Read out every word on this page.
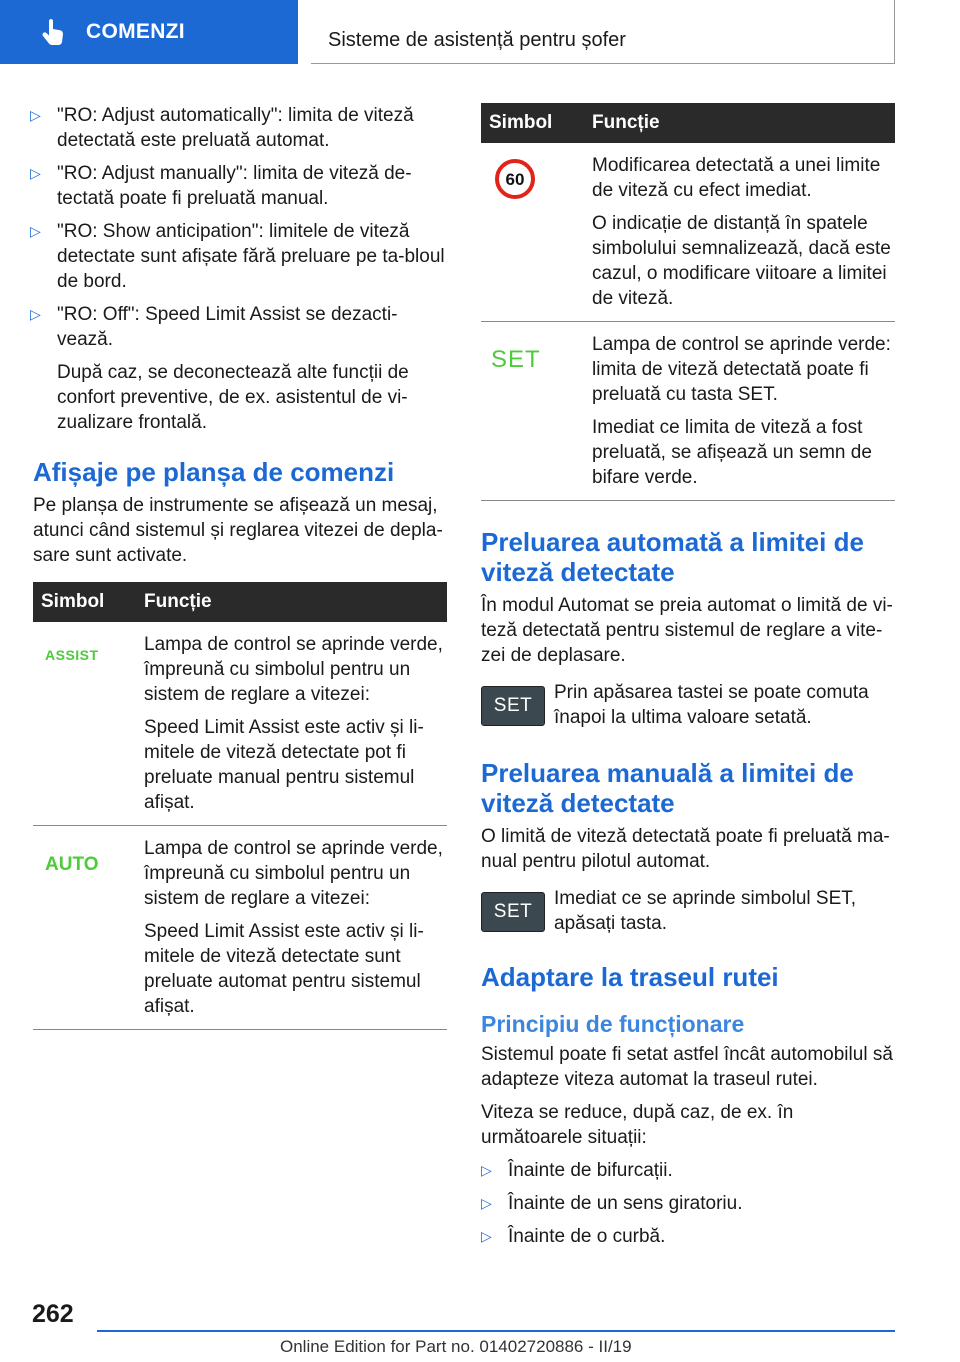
COMENZI	Sisteme de asistență pentru șofer
▷ "RO: Adjust automatically": limita de viteză detectată este preluată automat.
▷ "RO: Adjust manually": limita de viteză de-tectată poate fi preluată manual.
▷ "RO: Show anticipation": limitele de viteză detectate sunt afișate fără preluare pe ta-bloul de bord.
▷ "RO: Off": Speed Limit Assist se dezacti-vează.
După caz, se deconectează alte funcții de confort preventive, de ex. asistentul de vi-zualizare frontală.
Afișaje pe planșa de comenzi

Pe planșa de instrumente se afișează un mesaj, atunci când sistemul și reglarea vitezei de depla-sare sunt activate.

Simbol	Funcție

ASSIST	Lampa de control se aprinde verde, împreună cu simbolul pentru un sistem de reglare a vitezei:

Speed Limit Assist este activ și li-mitele de viteză detectate pot fi preluate manual pentru sistemul afișat.

AUTO	Lampa de control se aprinde verde, împreună cu simbolul pentru un sistem de reglare a vitezei:

Speed Limit Assist este activ și li-mitele de viteză detectate sunt preluate automat pentru sistemul afișat.

Simbol	Funcție

60	Modificarea detectată a unei limite de viteză cu efect imediat.

O indicație de distanță în spatele simbolului semnalizează, dacă este cazul, o modificare viitoare a limitei de viteză.

SET	Lampa de control se aprinde verde: limita de viteză detectată poate fi preluată cu tasta SET.

Imediat ce limita de viteză a fost preluată, se afișează un semn de bifare verde.

Preluarea automată a limitei de viteză detectate

În modul Automat se preia automat o limită de vi-teză detectată pentru sistemul de reglare a vite-zei de deplasare.

SET
Prin apăsarea tastei se poate comuta înapoi la ultima valoare setată.
Preluarea manuală a limitei de viteză detectate

O limită de viteză detectată poate fi preluată ma-nual pentru pilotul automat.

SET
Imediat ce se aprinde simbolul SET, apăsați tasta.
Adaptare la traseul rutei
Principiu de funcționare

Sistemul poate fi setat astfel încât automobilul să adapteze viteza automat la traseul rutei.

Viteza se reduce, după caz, de ex. în următoarele situații:

▷ Înainte de bifurcații.
▷ Înainte de un sens giratoriu.
▷ Înainte de o curbă.
262
Online Edition for Part no. 01402720886 - II/19
